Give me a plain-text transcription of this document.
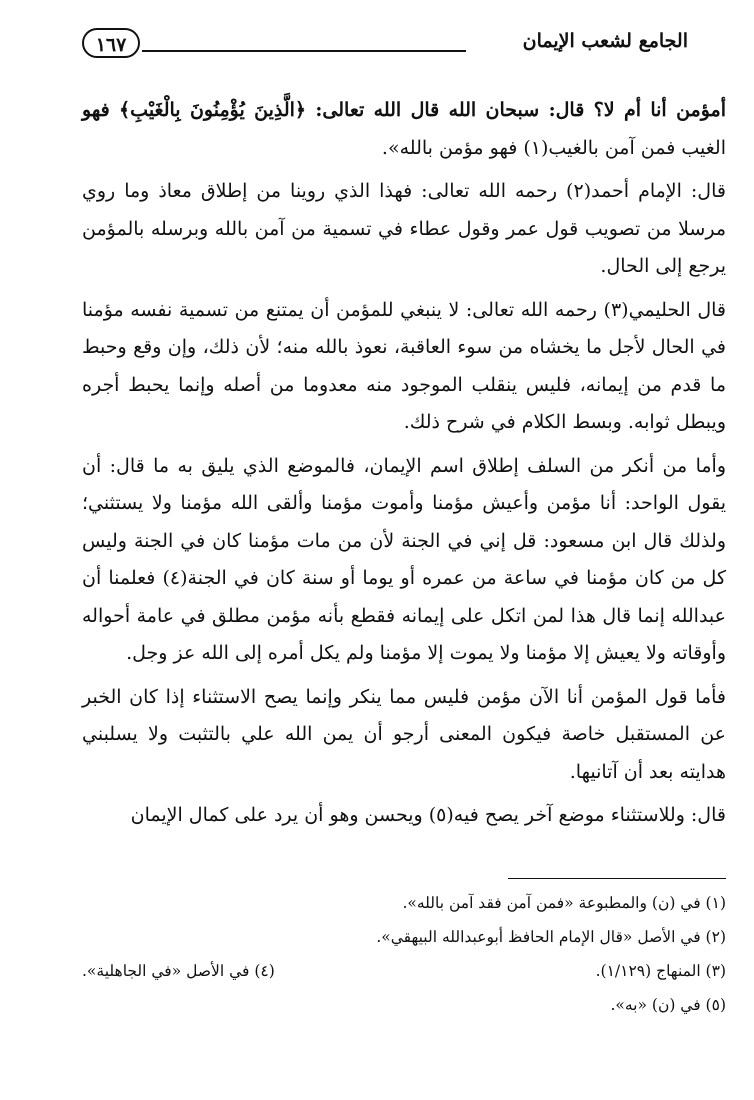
الجامع لشعب الإيمان
١٦٧

أمؤمن أنا أم لا؟ قال: سبحان الله قال الله تعالى: ﴿الَّذِينَ يُؤْمِنُونَ بِالْغَيْبِ﴾ فهو الغيب فمن آمن بالغيب(١) فهو مؤمن بالله».

قال: الإمام أحمد(٢) رحمه الله تعالى: فهذا الذي روينا من إطلاق معاذ وما روي مرسلا من تصويب قول عمر وقول عطاء في تسمية من آمن بالله وبرسله بالمؤمن يرجع إلى الحال.

قال الحليمي(٣) رحمه الله تعالى: لا ينبغي للمؤمن أن يمتنع من تسمية نفسه مؤمنا في الحال لأجل ما يخشاه من سوء العاقبة، نعوذ بالله منه؛ لأن ذلك، وإن وقع وحبط ما قدم من إيمانه، فليس ينقلب الموجود منه معدوما من أصله وإنما يحبط أجره ويبطل ثوابه. وبسط الكلام في شرح ذلك.

وأما من أنكر من السلف إطلاق اسم الإيمان، فالموضع الذي يليق به ما قال: أن يقول الواحد: أنا مؤمن وأعيش مؤمنا وأموت مؤمنا وألقى الله مؤمنا ولا يستثني؛ ولذلك قال ابن مسعود: قل إني في الجنة لأن من مات مؤمنا كان في الجنة وليس كل من كان مؤمنا في ساعة من عمره أو يوما أو سنة كان في الجنة(٤) فعلمنا أن عبدالله إنما قال هذا لمن اتكل على إيمانه فقطع بأنه مؤمن مطلق في عامة أحواله وأوقاته ولا يعيش إلا مؤمنا ولا يموت إلا مؤمنا ولم يكل أمره إلى الله عز وجل.

فأما قول المؤمن أنا الآن مؤمن فليس مما ينكر وإنما يصح الاستثناء إذا كان الخبر عن المستقبل خاصة فيكون المعنى أرجو أن يمن الله علي بالتثبت ولا يسلبني هدايته بعد أن آتانيها.

قال: وللاستثناء موضع آخر يصح فيه(٥) ويحسن وهو أن يرد على كمال الإيمان

(١) في (ن) والمطبوعة «فمن آمن فقد آمن بالله».
(٢) في الأصل «قال الإمام الحافظ أبوعبدالله البيهقي».
(٣) المنهاج (١/١٢٩).
(٤) في الأصل «في الجاهلية».
(٥) في (ن) «به».
